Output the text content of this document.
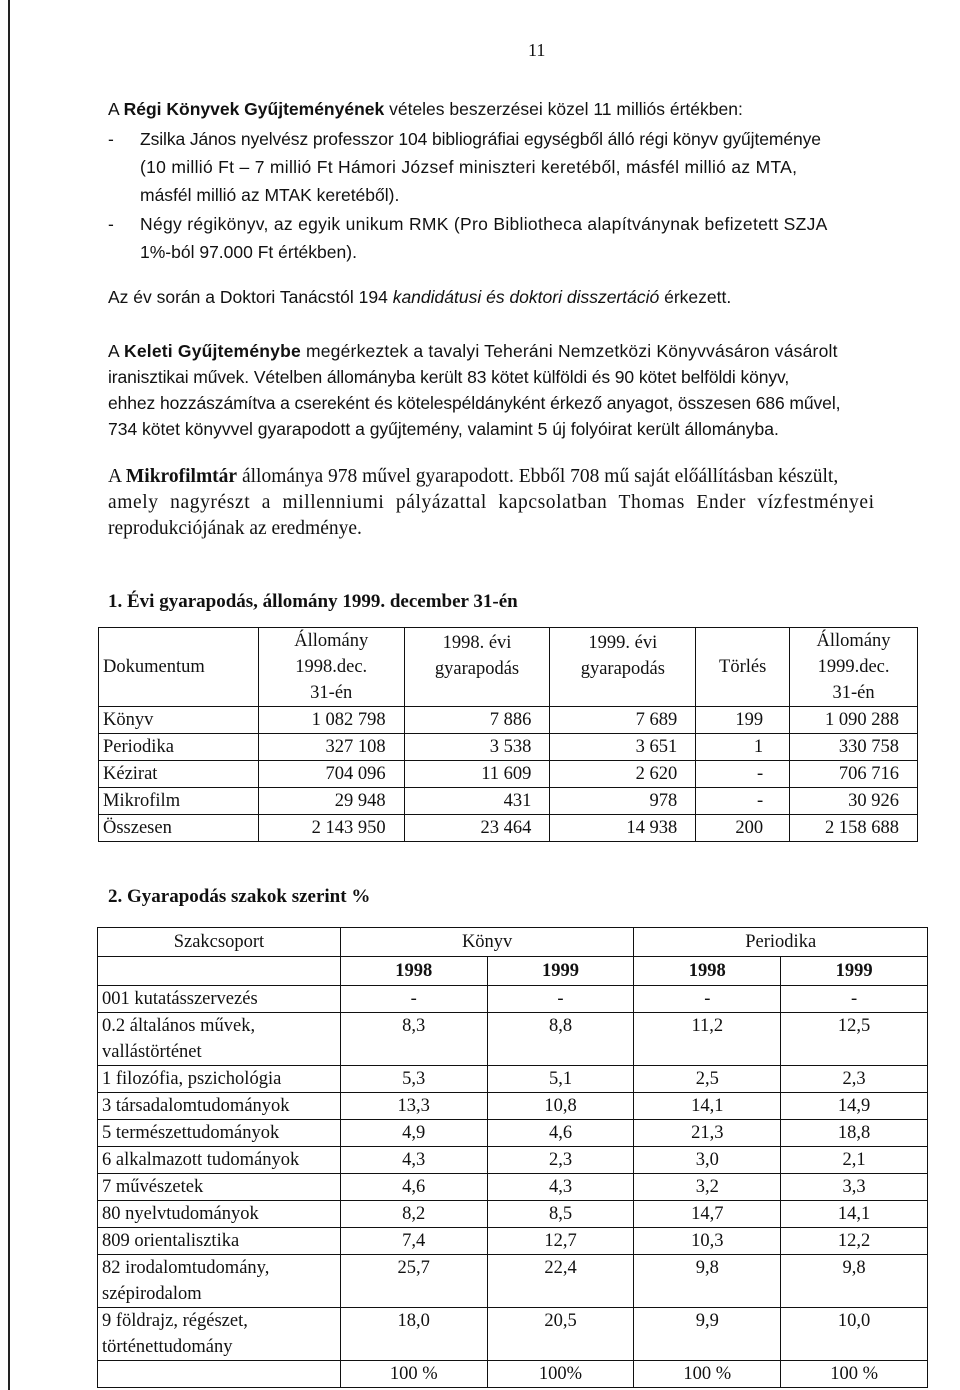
11
A Régi Könyvek Gyűjteményének vételes beszerzései közel 11 milliós értékben:
-	Zsilka János nyelvész professzor 104 bibliográfiai egységből álló régi könyv gyűjteménye
(10 millió Ft – 7 millió Ft Hámori József miniszteri keretéből, másfél millió az MTA,
másfél millió az MTAK keretéből).
-	Négy régikönyv, az egyik unikum RMK (Pro Bibliotheca alapítványnak befizetett SZJA
1%-ból 97.000 Ft értékben).
Az év során a Doktori Tanácstól 194 kandidátusi és doktori disszertáció érkezett.
A Keleti Gyűjteménybe megérkeztek a tavalyi Teheráni Nemzetközi Könyvvásáron vásárolt
iranisztikai művek. Vételben állományba került 83 kötet külföldi és 90 kötet belföldi könyv,
ehhez hozzászámítva a csereként és kötelespéldányként érkező anyagot, összesen 686 művel,
734 kötet könyvvel gyarapodott a gyűjtemény, valamint 5 új folyóirat került állományba.
A Mikrofilmtár állománya 978 művel gyarapodott. Ebből 708 mű saját előállításban készült,
amely nagyrészt a millenniumi pályázattal kapcsolatban Thomas Ender vízfestményei
reprodukciójának az eredménye.
1. Évi gyarapodás, állomány 1999. december 31-én
Dokumentum	Állomány
1998.dec.
31-én	1998. évi
gyarapodás	1999. évi
gyarapodás	Törlés	Állomány
1999.dec.
31-én
Könyv	1 082 798	7 886	7 689	199	1 090 288
Periodika	327 108	3 538	3 651	1	330 758
Kézirat	704 096	11 609	2 620	-	706 716
Mikrofilm	29 948	431	978	-	30 926
Összesen	2 143 950	23 464	14 938	200	2 158 688
2. Gyarapodás szakok szerint %
Szakcsoport	Könyv		Periodika	
	1998	1999	1998	1999
001 kutatásszervezés	-	-	-	-
0.2 általános művek,
vallástörténet	8,3	8,8	11,2	12,5
1 filozófia, pszichológia	5,3	5,1	2,5	2,3
3 társadalomtudományok	13,3	10,8	14,1	14,9
5 természettudományok	4,9	4,6	21,3	18,8
6 alkalmazott tudományok	4,3	2,3	3,0	2,1
7 művészetek	4,6	4,3	3,2	3,3
80 nyelvtudományok	8,2	8,5	14,7	14,1
809 orientalisztika	7,4	12,7	10,3	12,2
82 irodalomtudomány,
szépirodalom	25,7	22,4	9,8	9,8
9 földrajz, régészet,
történettudomány	18,0	20,5	9,9	10,0
	100 %	100%	100 %	100 %
